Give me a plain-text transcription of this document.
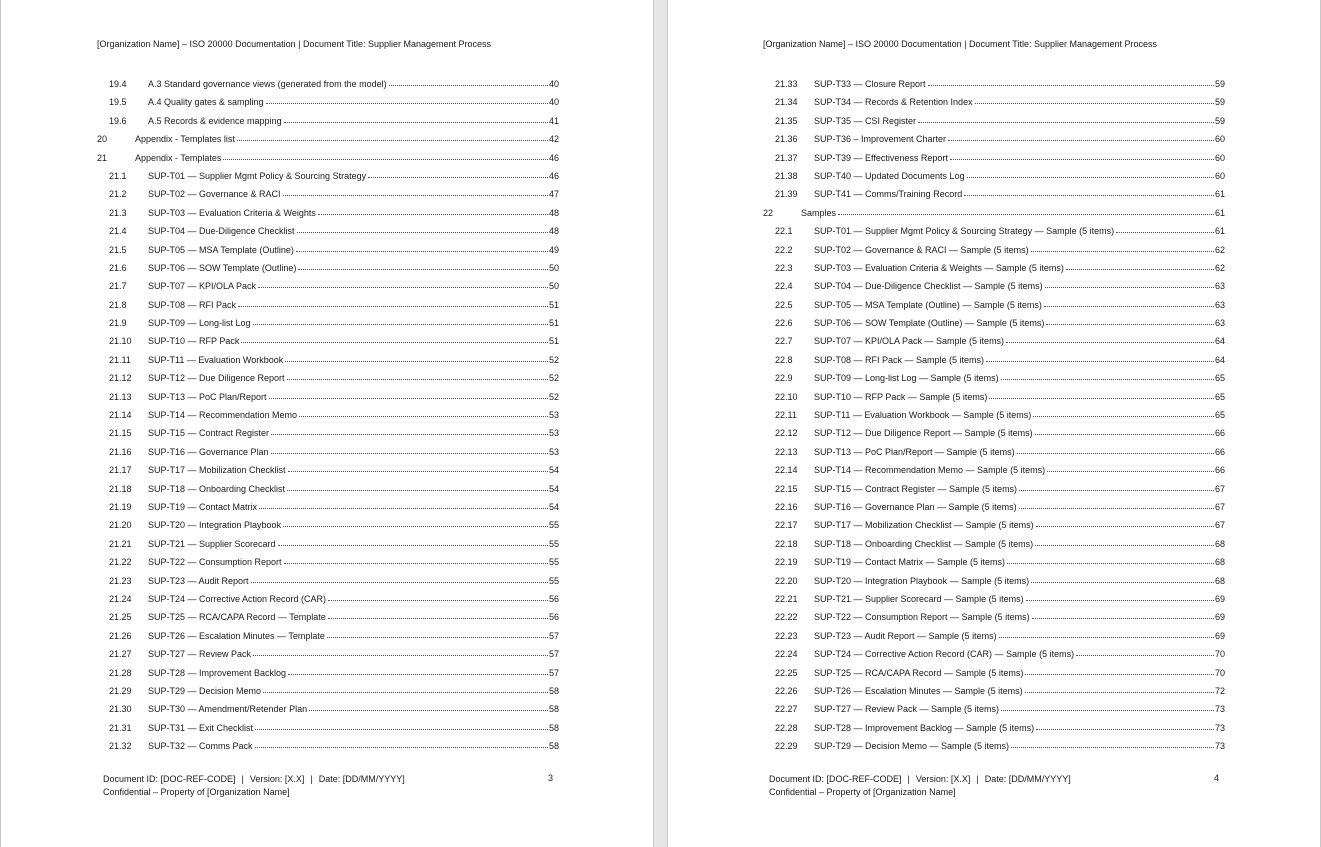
[Organization Name] – ISO 20000 Documentation | Document Title: Supplier Management Process
19.4 A.3 Standard governance views (generated from the model)	40
19.5 A.4 Quality gates & sampling	40
19.6 A.5 Records & evidence mapping	41
20	Appendix - Templates list	42
21	Appendix - Templates	46
21.1 SUP-T01 — Supplier Mgmt Policy & Sourcing Strategy	46
21.2 SUP-T02 — Governance & RACI	47
21.3 SUP-T03 — Evaluation Criteria & Weights	48
21.4 SUP-T04 — Due-Diligence Checklist	48
21.5 SUP-T05 — MSA Template (Outline)	49
21.6 SUP-T06 — SOW Template (Outline)	50
21.7 SUP-T07 — KPI/OLA Pack	50
21.8 SUP-T08 — RFI Pack	51
21.9 SUP-T09 — Long-list Log	51
21.10 SUP-T10 — RFP Pack	51
21.11 SUP-T11 — Evaluation Workbook	52
21.12 SUP-T12 — Due Diligence Report	52
21.13 SUP-T13 — PoC Plan/Report	52
21.14 SUP-T14 — Recommendation Memo	53
21.15 SUP-T15 — Contract Register	53
21.16 SUP-T16 — Governance Plan	53
21.17 SUP-T17 — Mobilization Checklist	54
21.18 SUP-T18 — Onboarding Checklist	54
21.19 SUP-T19 — Contact Matrix	54
21.20 SUP-T20 — Integration Playbook	55
21.21 SUP-T21 — Supplier Scorecard	55
21.22 SUP-T22 — Consumption Report	55
21.23 SUP-T23 — Audit Report	55
21.24 SUP-T24 — Corrective Action Record (CAR)	56
21.25 SUP-T25 — RCA/CAPA Record — Template	56
21.26 SUP-T26 — Escalation Minutes — Template	57
21.27 SUP-T27 — Review Pack	57
21.28 SUP-T28 — Improvement Backlog	57
21.29 SUP-T29 — Decision Memo	58
21.30 SUP-T30 — Amendment/Retender Plan	58
21.31 SUP-T31 — Exit Checklist	58
21.32 SUP-T32 — Comms Pack	58
Document ID: [DOC-REF-CODE] | Version: [X.X] | Date: [DD/MM/YYYY]
Confidential – Property of [Organization Name]
3
[Organization Name] – ISO 20000 Documentation | Document Title: Supplier Management Process
21.33 SUP-T33 — Closure Report	59
21.34 SUP-T34 — Records & Retention Index	59
21.35 SUP-T35 — CSI Register	59
21.36 SUP-T36 – Improvement Charter	60
21.37 SUP-T39 — Effectiveness Report	60
21.38 SUP-T40 — Updated Documents Log	60
21.39 SUP-T41 — Comms/Training Record	61
22	Samples	61
22.1 SUP-T01 — Supplier Mgmt Policy & Sourcing Strategy — Sample (5 items)	61
22.2 SUP-T02 — Governance & RACI — Sample (5 items)	62
22.3 SUP-T03 — Evaluation Criteria & Weights — Sample (5 items)	62
22.4 SUP-T04 — Due-Diligence Checklist — Sample (5 items)	63
22.5 SUP-T05 — MSA Template (Outline) — Sample (5 items)	63
22.6 SUP-T06 — SOW Template (Outline) — Sample (5 items)	63
22.7 SUP-T07 — KPI/OLA Pack — Sample (5 items)	64
22.8 SUP-T08 — RFI Pack — Sample (5 items)	64
22.9 SUP-T09 — Long-list Log — Sample (5 items)	65
22.10 SUP-T10 — RFP Pack — Sample (5 items)	65
22.11 SUP-T11 — Evaluation Workbook — Sample (5 items)	65
22.12 SUP-T12 — Due Diligence Report — Sample (5 items)	66
22.13 SUP-T13 — PoC Plan/Report — Sample (5 items)	66
22.14 SUP-T14 — Recommendation Memo — Sample (5 items)	66
22.15 SUP-T15 — Contract Register — Sample (5 items)	67
22.16 SUP-T16 — Governance Plan — Sample (5 items)	67
22.17 SUP-T17 — Mobilization Checklist — Sample (5 items)	67
22.18 SUP-T18 — Onboarding Checklist — Sample (5 items)	68
22.19 SUP-T19 — Contact Matrix — Sample (5 items)	68
22.20 SUP-T20 — Integration Playbook — Sample (5 items)	68
22.21 SUP-T21 — Supplier Scorecard — Sample (5 items)	69
22.22 SUP-T22 — Consumption Report — Sample (5 items)	69
22.23 SUP-T23 — Audit Report — Sample (5 items)	69
22.24 SUP-T24 — Corrective Action Record (CAR) — Sample (5 items)	70
22.25 SUP-T25 — RCA/CAPA Record — Sample (5 items)	70
22.26 SUP-T26 — Escalation Minutes — Sample (5 items)	72
22.27 SUP-T27 — Review Pack — Sample (5 items)	73
22.28 SUP-T28 — Improvement Backlog — Sample (5 items)	73
22.29 SUP-T29 — Decision Memo — Sample (5 items)	73
Document ID: [DOC-REF-CODE] | Version: [X.X] | Date: [DD/MM/YYYY]
Confidential – Property of [Organization Name]
4
